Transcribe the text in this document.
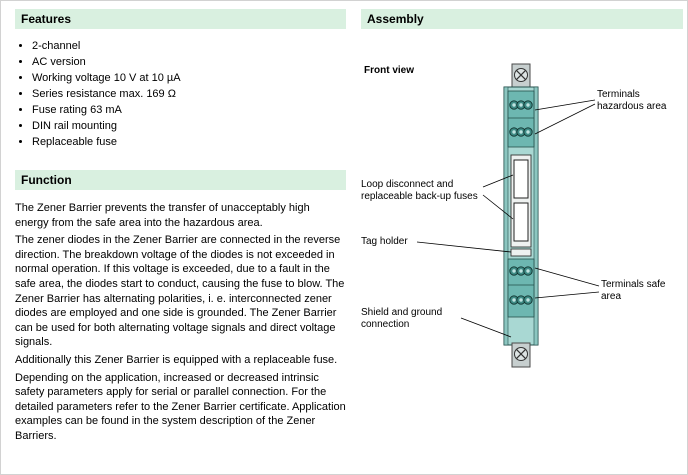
Features
• 2-channel
• AC version
• Working voltage 10 V at 10 µA
• Series resistance max. 169 Ω
• Fuse rating 63 mA
• DIN rail mounting
• Replaceable fuse
Function

The Zener Barrier prevents the transfer of unacceptably high energy from the safe area into the hazardous area.

The zener diodes in the Zener Barrier are connected in the reverse direction. The breakdown voltage of the diodes is not exceeded in normal operation. If this voltage is exceeded, due to a fault in the safe area, the diodes start to conduct, causing the fuse to blow. The Zener Barrier has alternating polarities, i. e. interconnected zener diodes are employed and one side is grounded. The Zener Barrier can be used for both alternating voltage signals and direct voltage signals.

Additionally this Zener Barrier is equipped with a replaceable fuse.

Depending on the application, increased or decreased intrinsic safety parameters apply for serial or parallel connection. For the detailed parameters refer to the Zener Barrier certificate. Application examples can be found in the system description of the Zener Barriers.

Assembly
Front view
Terminals hazardous area
Loop disconnect and replaceable back-up fuses
Tag holder
Terminals safe area
Shield and ground connection
